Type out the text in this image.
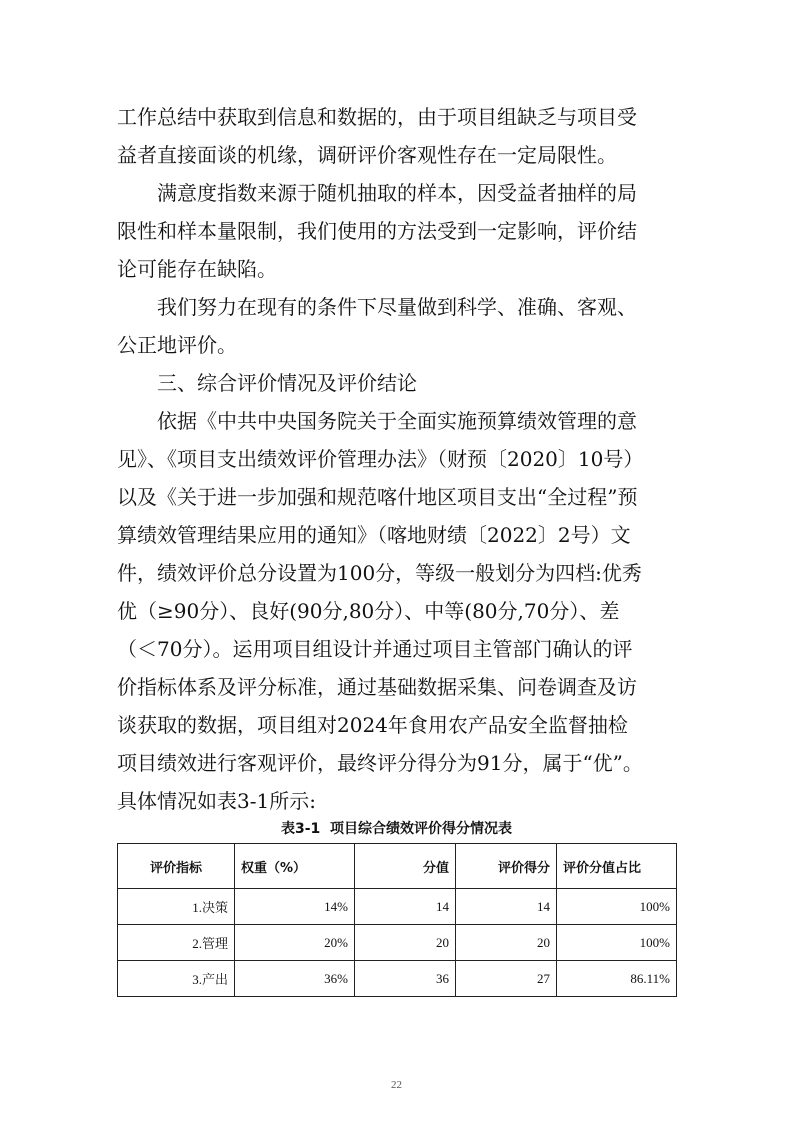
工作总结中获取到信息和数据的，由于项目组缺乏与项目受

益者直接面谈的机缘，调研评价客观性存在一定局限性。

满意度指数来源于随机抽取的样本，因受益者抽样的局

限性和样本量限制，我们使用的方法受到一定影响，评价结

论可能存在缺陷。

我们努力在现有的条件下尽量做到科学、准确、客观、

公正地评价。

三、综合评价情况及评价结论

依据《中共中央国务院关于全面实施预算绩效管理的意

见》、《项目支出绩效评价管理办法》（财预〔2020〕10号）

以及《关于进一步加强和规范喀什地区项目支出“全过程”预

算绩效管理结果应用的通知》（喀地财绩〔2022〕2号）文

件，绩效评价总分设置为100分，等级一般划分为四档:优秀

优（≥90分）、良好(90分,80分）、中等(80分,70分）、差

（＜70分）。运用项目组设计并通过项目主管部门确认的评

价指标体系及评分标准，通过基础数据采集、问卷调查及访

谈获取的数据，项目组对2024年食用农产品安全监督抽检

项目绩效进行客观评价，最终评分得分为91分，属于“优”。

具体情况如表3-1所示:

表3-1  项目综合绩效评价得分情况表
评价指标	权重（%）	分值	评价得分	评价分值占比
1.决策	14%	14	14	100%
2.管理	20%	20	20	100%
3.产出	36%	36	27	86.11%
22
